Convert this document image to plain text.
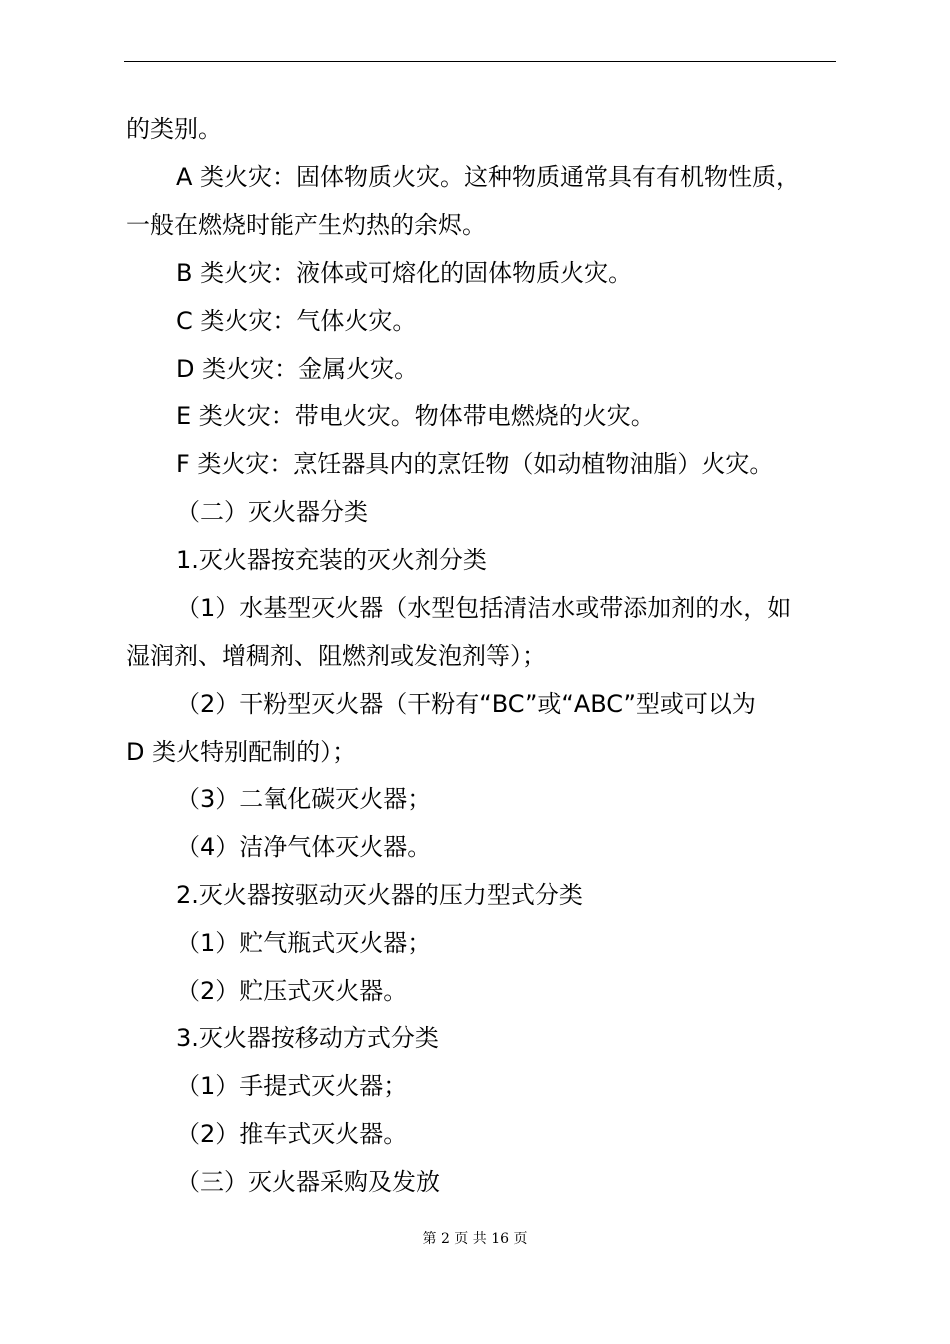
的类别。
A 类火灾：固体物质火灾。这种物质通常具有有机物性质，
一般在燃烧时能产生灼热的余烬。
B 类火灾：液体或可熔化的固体物质火灾。
C 类火灾：气体火灾。
D 类火灾：金属火灾。
E 类火灾：带电火灾。物体带电燃烧的火灾。
F 类火灾：烹饪器具内的烹饪物（如动植物油脂）火灾。
（二）灭火器分类
1.灭火器按充装的灭火剂分类
（1）水基型灭火器（水型包括清洁水或带添加剂的水，如
湿润剂、增稠剂、阻燃剂或发泡剂等）；
（2）干粉型灭火器（干粉有“BC”或“ABC”型或可以为
D 类火特别配制的）；
（3）二氧化碳灭火器；
（4）洁净气体灭火器。
2.灭火器按驱动灭火器的压力型式分类
（1）贮气瓶式灭火器；
（2）贮压式灭火器。
3.灭火器按移动方式分类
（1）手提式灭火器；
（2）推车式灭火器。
（三）灭火器采购及发放
第 2 页 共 16 页
